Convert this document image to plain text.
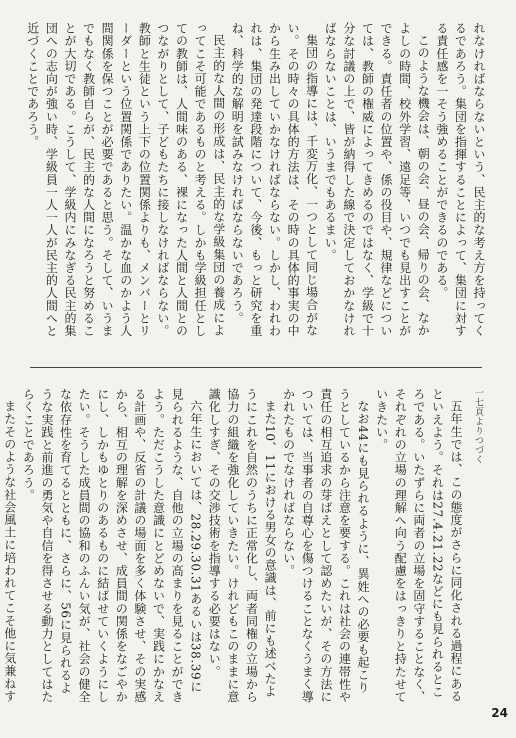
れなければならないという、民主的な考え方を持ってくるであろう。集団を指揮することによって、集団に対する責任感を一そう強めることができるのである。

このような機会は、朝の会、昼の会、帰りの会、なかよしの時間、校外学習、遠足等、いつでも見出すことができる。責任者の位置や、係の役目や、規律などについては、教師の権威によってきめるのではなく、学級で十分な討議の上で、皆が納得した線で決定しておかなければならないことは、いうまでもあるまい。

集団の指導には、千変万化、一つとして同じ場合がない。その時々の具体的方法は、その時の具体的事実の中から生み出していかなければならない。しかし、われわれは、集団の発達段階について、今後、もっと研究を重ね、科学的な解明を試みなければならないであろう。

民主的な人間の形成は、民主的な学級集団の養成によってこそ可能であるものと考える。しかも学級担任としての教師は、人間味のある、裸になった人間と人間とのつながりとして、子どもたちに接しなければならない。教師と生徒という上下の位置関係よりも、メンバーとリーダーという位置関係でありたい。温かな血のかよう人間関係を保つことが必要であると思う。そして、いうまでもなく教師自らが、民主的な人間になろうと努めることが大切である。こうして、学級内にみなぎる民主的集団への志向が強い時、学級員一人一人が民主的人間へと近づくことであろう。

一七頁よりつづく

五年生では、この態度がさらに同化される過程にあるといえよう。それは27.4.21.22などにも見られるところである。いたずらに両者の立場を固守することなく、それぞれの立場の理解へ向う配慮をはっきりと持たせていきたい。

なお44にも見られるように、異姓への必要も起こりうとしているから注意を要する。これは社会の連帯性や責任の相互追求の芽ばえとして認めたいが、その方法については、当事者の自尊心を傷つけることなくうまく導かれたものでなければならない。

また10、11における男女の意識は、前にも述べたようにこれを自然のうちに正常化し、両者同権の立場から協力の組織を強化していきたい。けれどもこのままに意識化しすぎ、その交渉技術を指導する必要はない。

六年生においては、28.29.30.31あるいは38.39に見られるような、自他の立場の高まりを見ることができよう。ただこうした意識にとどめないで、実践にかなえる計画や、反省の計議の場面を多く体験させ、その実感から、相互の理解を深めさせ、成員間の関係をなごやかにし、しかもゆとりのあるものに結ばせていくようにしたい。そうした成員間の協和のふんい気が、社会の健全な依存性を育てるとともに、さらに、56に見られるような実践と前進の勇気や自信を得させる動力としてはたらくことであろう。

またそのような社会風土に培われてこそ他に気兼ねす

24
